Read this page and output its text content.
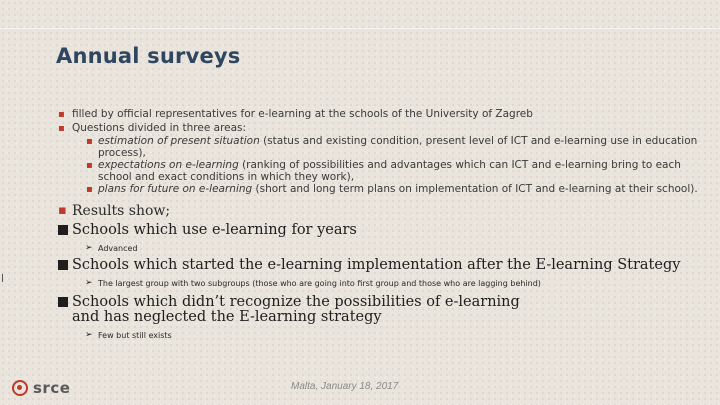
Annual surveys
▪ filled by official representatives for e-learning at the schools of the University of Zagreb
▪ Questions divided in three areas:
▪ estimation of present situation (status and existing condition, present level of ICT and e-learning use in education process),
▪ expectations on e-learning (ranking of possibilities and advantages which can ICT and e-learning bring to each school and exact conditions in which they work),
▪ plans for future on e-learning (short and long term plans on implementation of ICT and e-learning at their school).
▪ Results show;
Schools which use e-learning for years
➢ Advanced
Schools which started the e-learning implementation after the E-learning Strategy
➢ The largest group with two subgroups (those who are going into first group and those who are lagging behind)
Schools which didn’t recognize the possibilities of e-learning and has neglected the E-learning strategy
➢ Few but still exists
srce	Malta, January 18, 2017
